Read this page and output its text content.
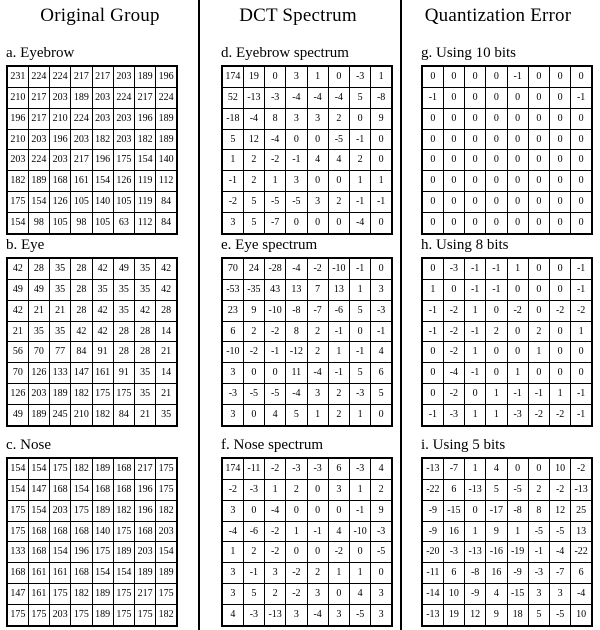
Original Group	DCT Spectrum	Quantization Error
a. Eyebrow
231	224	224	217	217	203	189	196
210	217	203	189	203	224	217	224
196	217	210	224	203	203	196	189
210	203	196	203	182	203	182	189
203	224	203	217	196	175	154	140
182	189	168	161	154	126	119	112
175	154	126	105	140	105	119	84
154	98	105	98	105	63	112	84
d. Eyebrow spectrum
174	19	0	3	1	0	-3	1
52	-13	-3	-4	-4	-4	5	-8
-18	-4	8	3	3	2	0	9
5	12	-4	0	0	-5	-1	0
1	2	-2	-1	4	4	2	0
-1	2	1	3	0	0	1	1
-2	5	-5	-5	3	2	-1	-1
3	5	-7	0	0	0	-4	0
g. Using 10 bits
0	0	0	0	-1	0	0	0
-1	0	0	0	0	0	0	-1
0	0	0	0	0	0	0	0
0	0	0	0	0	0	0	0
0	0	0	0	0	0	0	0
0	0	0	0	0	0	0	0
0	0	0	0	0	0	0	0
0	0	0	0	0	0	0	0
b. Eye
42	28	35	28	42	49	35	42
49	49	35	28	35	35	35	42
42	21	21	28	42	35	42	28
21	35	35	42	42	28	28	14
56	70	77	84	91	28	28	21
70	126	133	147	161	91	35	14
126	203	189	182	175	175	35	21
49	189	245	210	182	84	21	35
e. Eye spectrum
70	24	-28	-4	-2	-10	-1	0
-53	-35	43	13	7	13	1	3
23	9	-10	-8	-7	-6	5	-3
6	2	-2	8	2	-1	0	-1
-10	-2	-1	-12	2	1	-1	4
3	0	0	11	-4	-1	5	6
-3	-5	-5	-4	3	2	-3	5
3	0	4	5	1	2	1	0
h. Using 8 bits
0	-3	-1	-1	1	0	0	-1
1	0	-1	-1	0	0	0	-1
-1	-2	1	0	-2	0	-2	-2
-1	-2	-1	2	0	2	0	1
0	-2	1	0	0	1	0	0
0	-4	-1	0	1	0	0	0
0	-2	0	1	-1	-1	1	-1
-1	-3	1	1	-3	-2	-2	-1
c. Nose
154	154	175	182	189	168	217	175
154	147	168	154	168	168	196	175
175	154	203	175	189	182	196	182
175	168	168	168	140	175	168	203
133	168	154	196	175	189	203	154
168	161	161	168	154	154	189	189
147	161	175	182	189	175	217	175
175	175	203	175	189	175	175	182
f. Nose spectrum
174	-11	-2	-3	-3	6	-3	4
-2	-3	1	2	0	3	1	2
3	0	-4	0	0	0	-1	9
-4	-6	-2	1	-1	4	-10	-3
1	2	-2	0	0	-2	0	-5
3	-1	3	-2	2	1	1	0
3	5	2	-2	3	0	4	3
4	-3	-13	3	-4	3	-5	3
i. Using 5 bits
-13	-7	1	4	0	0	10	-2
-22	6	-13	5	-5	2	-2	-13
-9	-15	0	-17	-8	8	12	25
-9	16	1	9	1	-5	-5	13
-20	-3	-13	-16	-19	-1	-4	-22
-11	6	-8	16	-9	-3	-7	6
-14	10	-9	4	-15	3	3	-4
-13	19	12	9	18	5	-5	10
